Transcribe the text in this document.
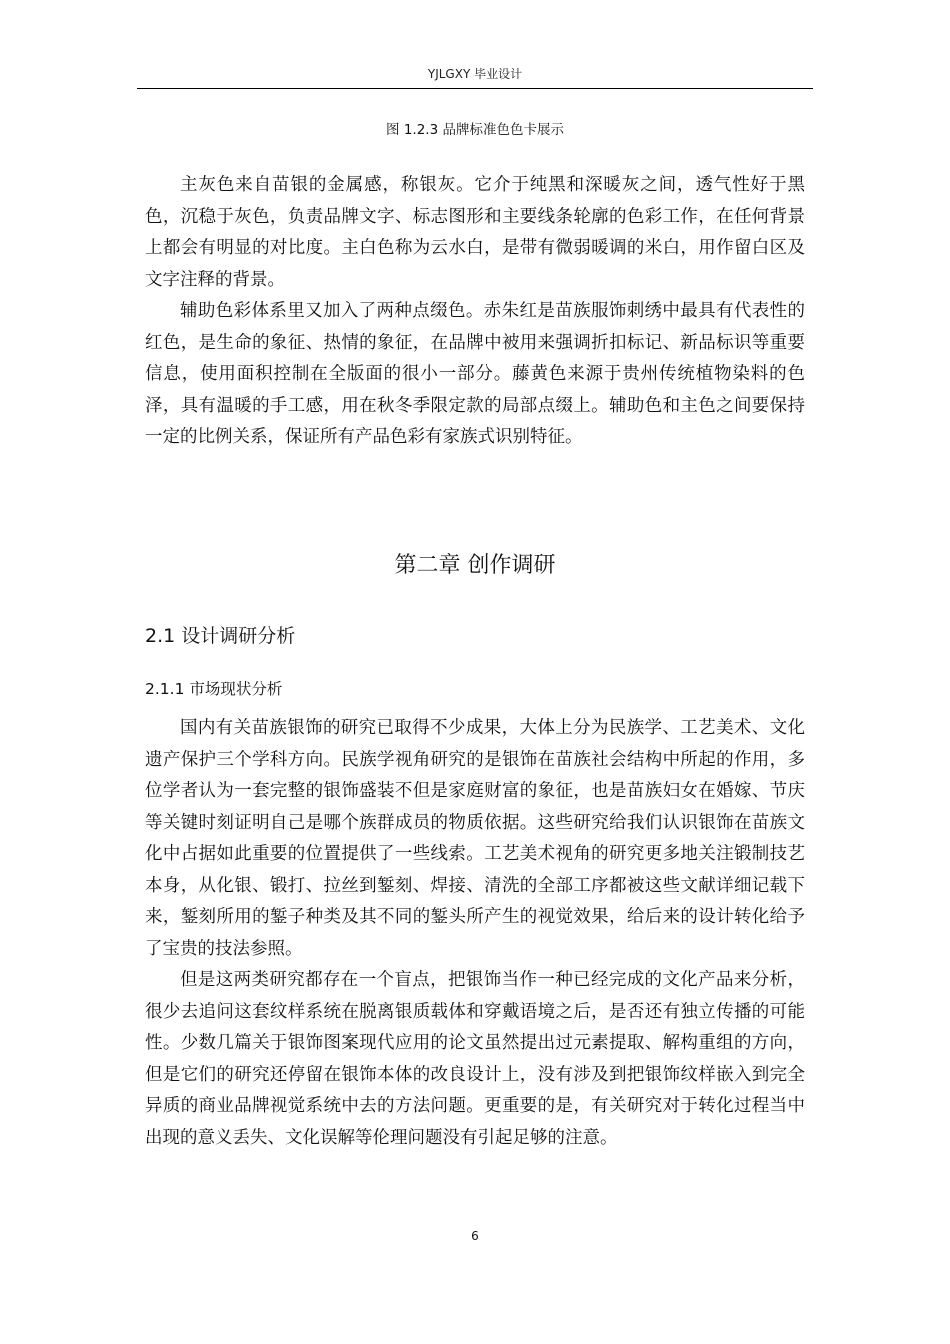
YJLGXY 毕业设计
图 1.2.3 品牌标准色色卡展示

主灰色来自苗银的金属感，称银灰。它介于纯黑和深暖灰之间，透气性好于黑色，沉稳于灰色，负责品牌文字、标志图形和主要线条轮廓的色彩工作，在任何背景上都会有明显的对比度。主白色称为云水白，是带有微弱暖调的米白，用作留白区及文字注释的背景。

辅助色彩体系里又加入了两种点缀色。赤朱红是苗族服饰刺绣中最具有代表性的红色，是生命的象征、热情的象征，在品牌中被用来强调折扣标记、新品标识等重要信息，使用面积控制在全版面的很小一部分。藤黄色来源于贵州传统植物染料的色泽，具有温暖的手工感，用在秋冬季限定款的局部点缀上。辅助色和主色之间要保持一定的比例关系，保证所有产品色彩有家族式识别特征。

第二章 创作调研
2.1 设计调研分析
2.1.1 市场现状分析

国内有关苗族银饰的研究已取得不少成果，大体上分为民族学、工艺美术、文化遗产保护三个学科方向。民族学视角研究的是银饰在苗族社会结构中所起的作用，多位学者认为一套完整的银饰盛装不但是家庭财富的象征，也是苗族妇女在婚嫁、节庆等关键时刻证明自己是哪个族群成员的物质依据。这些研究给我们认识银饰在苗族文化中占据如此重要的位置提供了一些线索。工艺美术视角的研究更多地关注锻制技艺本身，从化银、锻打、拉丝到錾刻、焊接、清洗的全部工序都被这些文献详细记载下来，錾刻所用的錾子种类及其不同的錾头所产生的视觉效果，给后来的设计转化给予了宝贵的技法参照。

但是这两类研究都存在一个盲点，把银饰当作一种已经完成的文化产品来分析，很少去追问这套纹样系统在脱离银质载体和穿戴语境之后，是否还有独立传播的可能性。少数几篇关于银饰图案现代应用的论文虽然提出过元素提取、解构重组的方向，但是它们的研究还停留在银饰本体的改良设计上，没有涉及到把银饰纹样嵌入到完全异质的商业品牌视觉系统中去的方法问题。更重要的是，有关研究对于转化过程当中出现的意义丢失、文化误解等伦理问题没有引起足够的注意。

6
